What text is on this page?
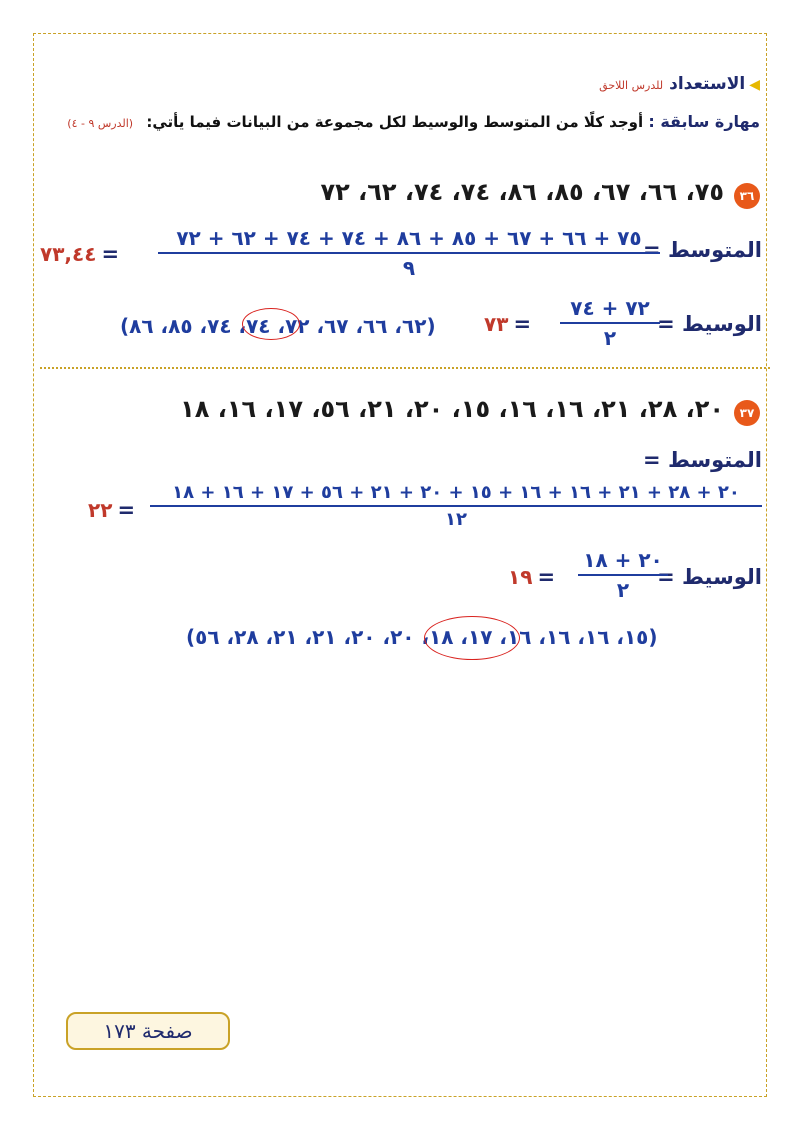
◀الاستعدادللدرس اللاحق
مهارة سابقة : أوجد كلًا من المتوسط والوسيط لكل مجموعة من البيانات فيما يأتي: (الدرس ٩ - ٤)
٣٦٧٥، ٦٦، ٦٧، ٨٥، ٨٦، ٧٤، ٧٤، ٦٢، ٧٢
المتوسط =
٧٥ + ٦٦ + ٦٧ + ٨٥ + ٨٦ + ٧٤ + ٧٤ + ٦٢ + ٧٢
٩
٧٣,٤٤ =
الوسيط =
٧٢ + ٧٤
٢
٧٣ =
(٦٢، ٦٦، ٦٧، ٧٢، ٧٤، ٧٤، ٨٥، ٨٦)
٣٧٢٠، ٢٨، ٢١، ١٦، ١٦، ١٥، ٢٠، ٢١، ٥٦، ١٧، ١٦، ١٨
المتوسط =
٢٠ + ٢٨ + ٢١ + ١٦ + ١٦ + ١٥ + ٢٠ + ٢١ + ٥٦ + ١٧ + ١٦ + ١٨
١٢
٢٢ =
الوسيط =
٢٠ + ١٨
٢
١٩ =
(١٥، ١٦، ١٦، ١٦، ١٧، ١٨، ٢٠، ٢٠، ٢١، ٢١، ٢٨، ٥٦)
صفحة ١٧٣
